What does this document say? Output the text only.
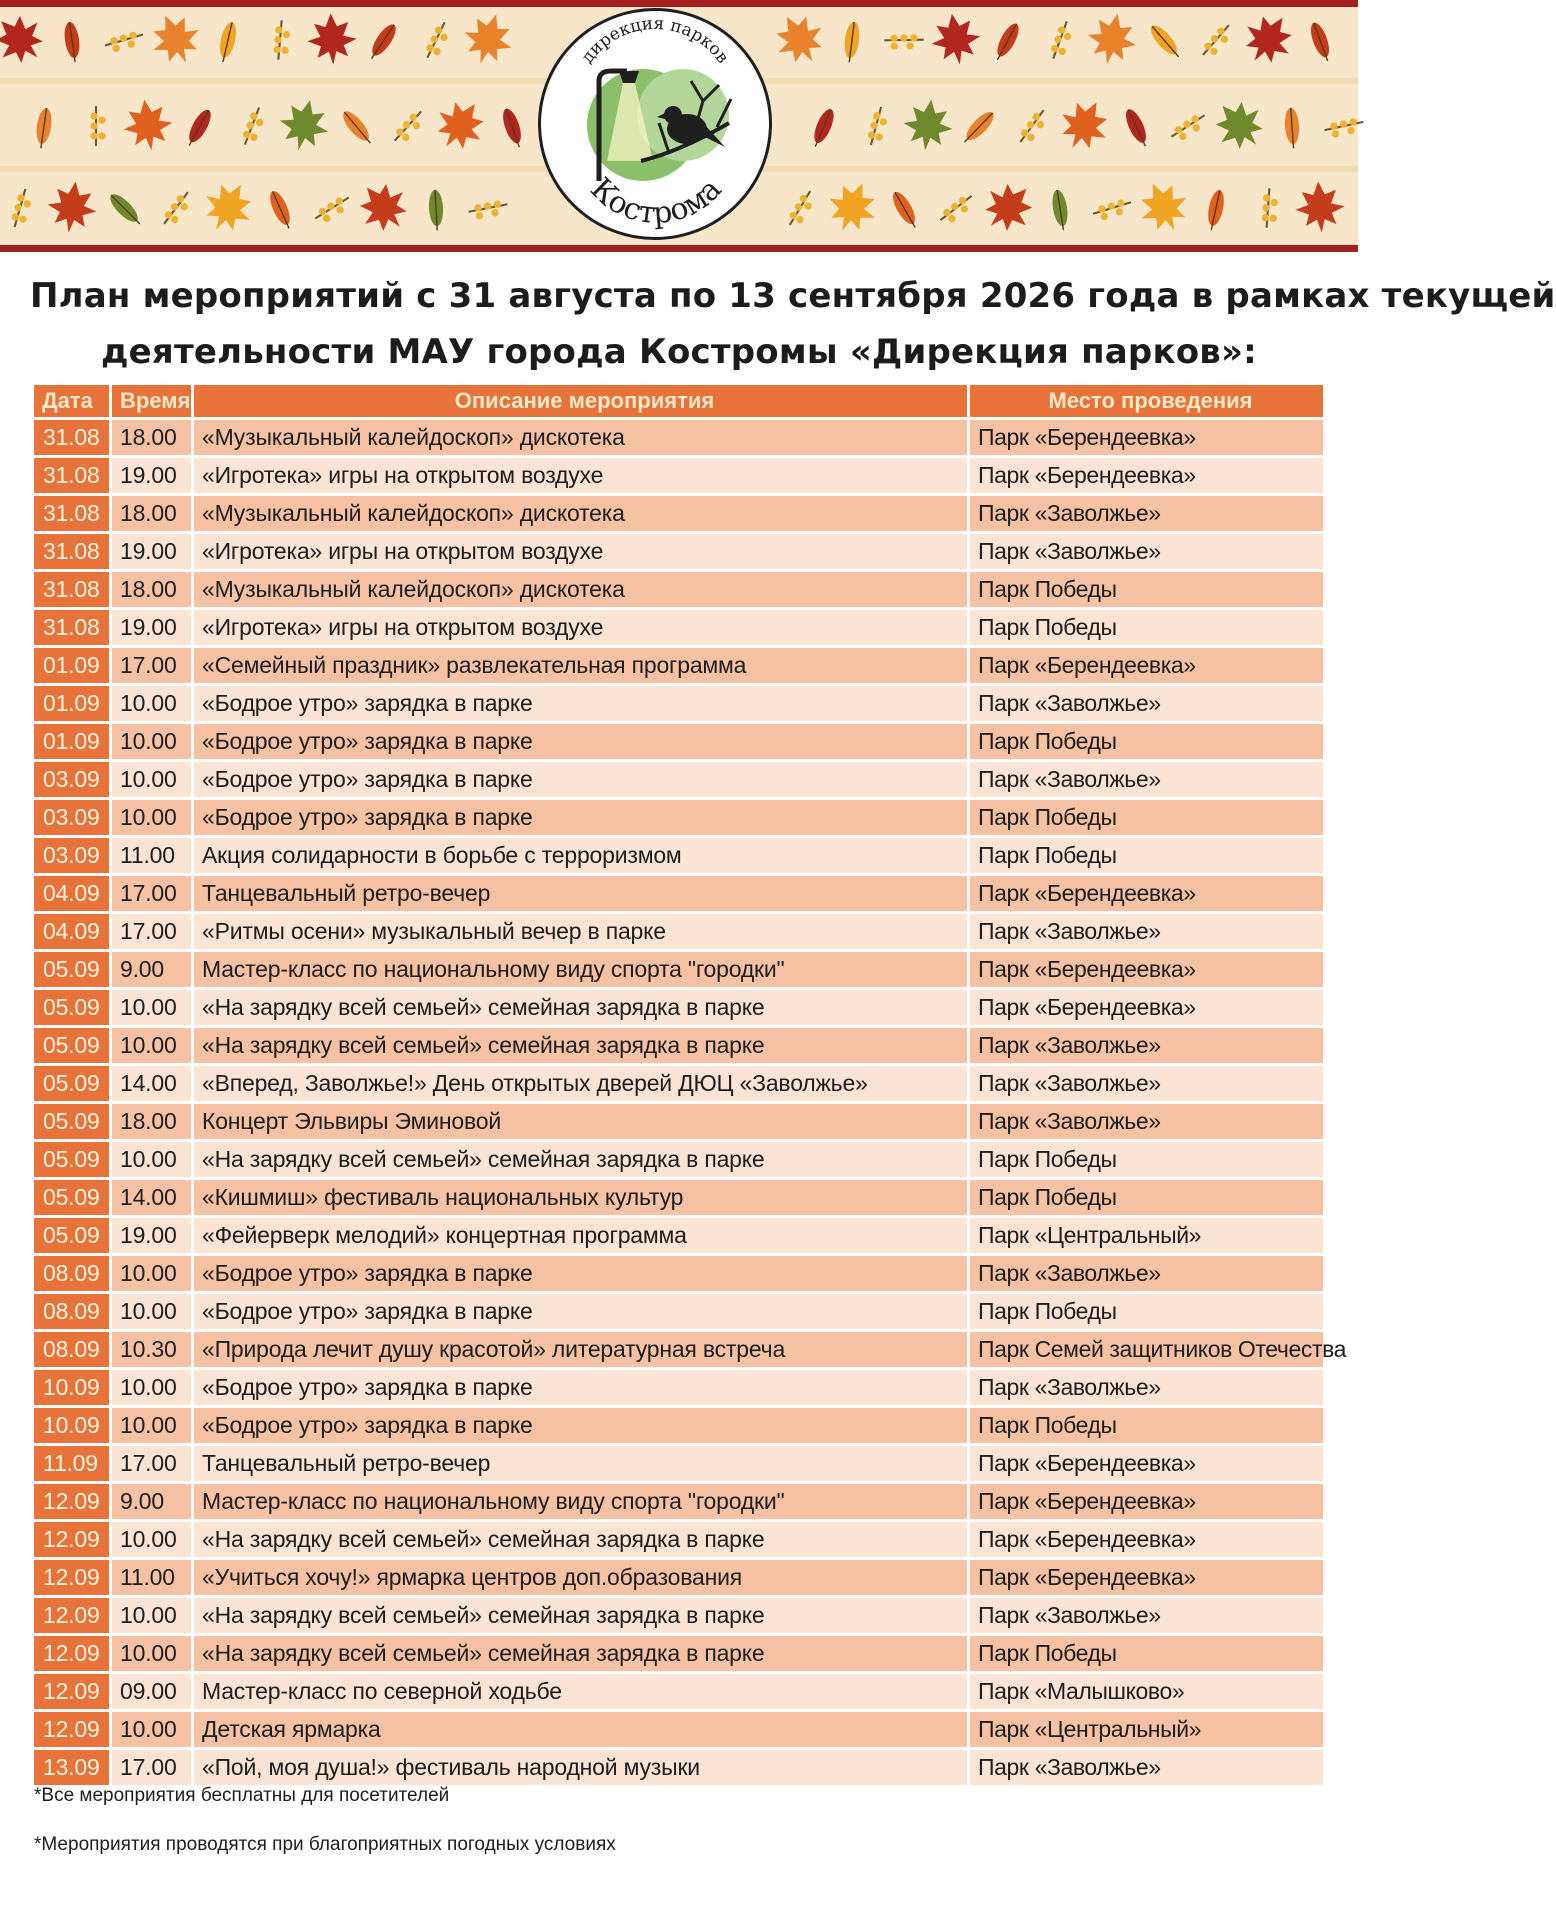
дирекция парков
Кострома
План мероприятий с 31 августа по 13 сентября 2026 года в рамках текущей
деятельности МАУ города Костромы «Дирекция парков»:
Дата	Время	Описание мероприятия	Место проведения
31.08	18.00	«Музыкальный калейдоскоп» дискотека	Парк «Берендеевка»
31.08	19.00	«Игротека» игры на открытом воздухе	Парк «Берендеевка»
31.08	18.00	«Музыкальный калейдоскоп» дискотека	Парк «Заволжье»
31.08	19.00	«Игротека» игры на открытом воздухе	Парк «Заволжье»
31.08	18.00	«Музыкальный калейдоскоп» дискотека	Парк Победы
31.08	19.00	«Игротека» игры на открытом воздухе	Парк Победы
01.09	17.00	«Семейный праздник» развлекательная программа	Парк «Берендеевка»
01.09	10.00	«Бодрое утро» зарядка в парке	Парк «Заволжье»
01.09	10.00	«Бодрое утро» зарядка в парке	Парк Победы
03.09	10.00	«Бодрое утро» зарядка в парке	Парк «Заволжье»
03.09	10.00	«Бодрое утро» зарядка в парке	Парк Победы
03.09	11.00	Акция солидарности в борьбе с терроризмом	Парк Победы
04.09	17.00	Танцевальный ретро-вечер	Парк «Берендеевка»
04.09	17.00	«Ритмы осени» музыкальный вечер в парке	Парк «Заволжье»
05.09	9.00	Мастер-класс по национальному виду спорта "городки"	Парк «Берендеевка»
05.09	10.00	«На зарядку всей семьей» семейная зарядка в парке	Парк «Берендеевка»
05.09	10.00	«На зарядку всей семьей» семейная зарядка в парке	Парк «Заволжье»
05.09	14.00	«Вперед, Заволжье!» День открытых дверей ДЮЦ «Заволжье»	Парк «Заволжье»
05.09	18.00	Концерт Эльвиры Эминовой	Парк «Заволжье»
05.09	10.00	«На зарядку всей семьей» семейная зарядка в парке	Парк Победы
05.09	14.00	«Кишмиш» фестиваль национальных культур	Парк Победы
05.09	19.00	«Фейерверк мелодий» концертная программа	Парк «Центральный»
08.09	10.00	«Бодрое утро» зарядка в парке	Парк «Заволжье»
08.09	10.00	«Бодрое утро» зарядка в парке	Парк Победы
08.09	10.30	«Природа лечит душу красотой» литературная встреча	Парк Семей защитников Отечества
10.09	10.00	«Бодрое утро» зарядка в парке	Парк «Заволжье»
10.09	10.00	«Бодрое утро» зарядка в парке	Парк Победы
11.09	17.00	Танцевальный ретро-вечер	Парк «Берендеевка»
12.09	9.00	Мастер-класс по национальному виду спорта "городки"	Парк «Берендеевка»
12.09	10.00	«На зарядку всей семьей» семейная зарядка в парке	Парк «Берендеевка»
12.09	11.00	«Учиться хочу!» ярмарка центров доп.образования	Парк «Берендеевка»
12.09	10.00	«На зарядку всей семьей» семейная зарядка в парке	Парк «Заволжье»
12.09	10.00	«На зарядку всей семьей» семейная зарядка в парке	Парк Победы
12.09	09.00	Мастер-класс по северной ходьбе	Парк «Малышково»
12.09	10.00	Детская ярмарка	Парк «Центральный»
13.09	17.00	«Пой, моя душа!» фестиваль народной музыки	Парк «Заволжье»
*Все мероприятия бесплатны для посетителей
*Мероприятия проводятся при благоприятных погодных условиях
